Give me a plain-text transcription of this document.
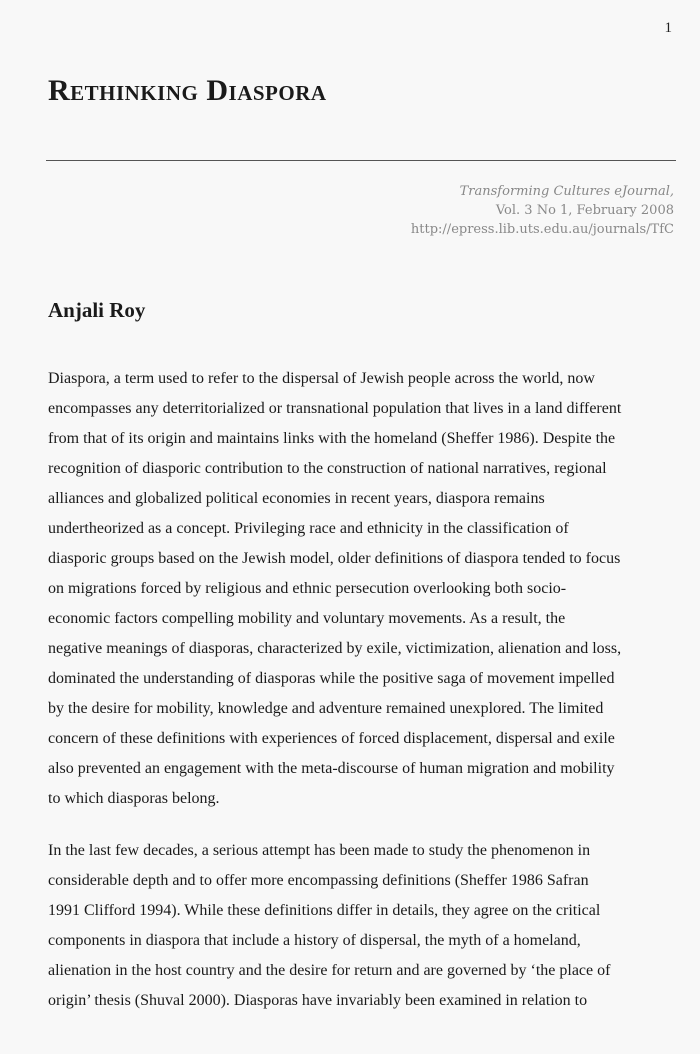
1
Rethinking Diaspora
Transforming Cultures eJournal,
Vol. 3 No 1, February 2008
http://epress.lib.uts.edu.au/journals/TfC
Anjali Roy

Diaspora, a term used to refer to the dispersal of Jewish people across the world, now
encompasses any deterritorialized or transnational population that lives in a land different
from that of its origin and maintains links with the homeland (Sheffer 1986). Despite the
recognition of diasporic contribution to the construction of national narratives, regional
alliances and globalized political economies in recent years, diaspora remains
undertheorized as a concept. Privileging race and ethnicity in the classification of
diasporic groups based on the Jewish model, older definitions of diaspora tended to focus
on migrations forced by religious and ethnic persecution overlooking both socio-
economic factors compelling mobility and voluntary movements. As a result, the
negative meanings of diasporas, characterized by exile, victimization, alienation and loss,
dominated the understanding of diasporas while the positive saga of movement impelled
by the desire for mobility, knowledge and adventure remained unexplored. The limited
concern of these definitions with experiences of forced displacement, dispersal and exile
also prevented an engagement with the meta-discourse of human migration and mobility
to which diasporas belong.

In the last few decades, a serious attempt has been made to study the phenomenon in
considerable depth and to offer more encompassing definitions (Sheffer 1986 Safran
1991 Clifford 1994). While these definitions differ in details, they agree on the critical
components in diaspora that include a history of dispersal, the myth of a homeland,
alienation in the host country and the desire for return and are governed by ‘the place of
origin’ thesis (Shuval 2000). Diasporas have invariably been examined in relation to
